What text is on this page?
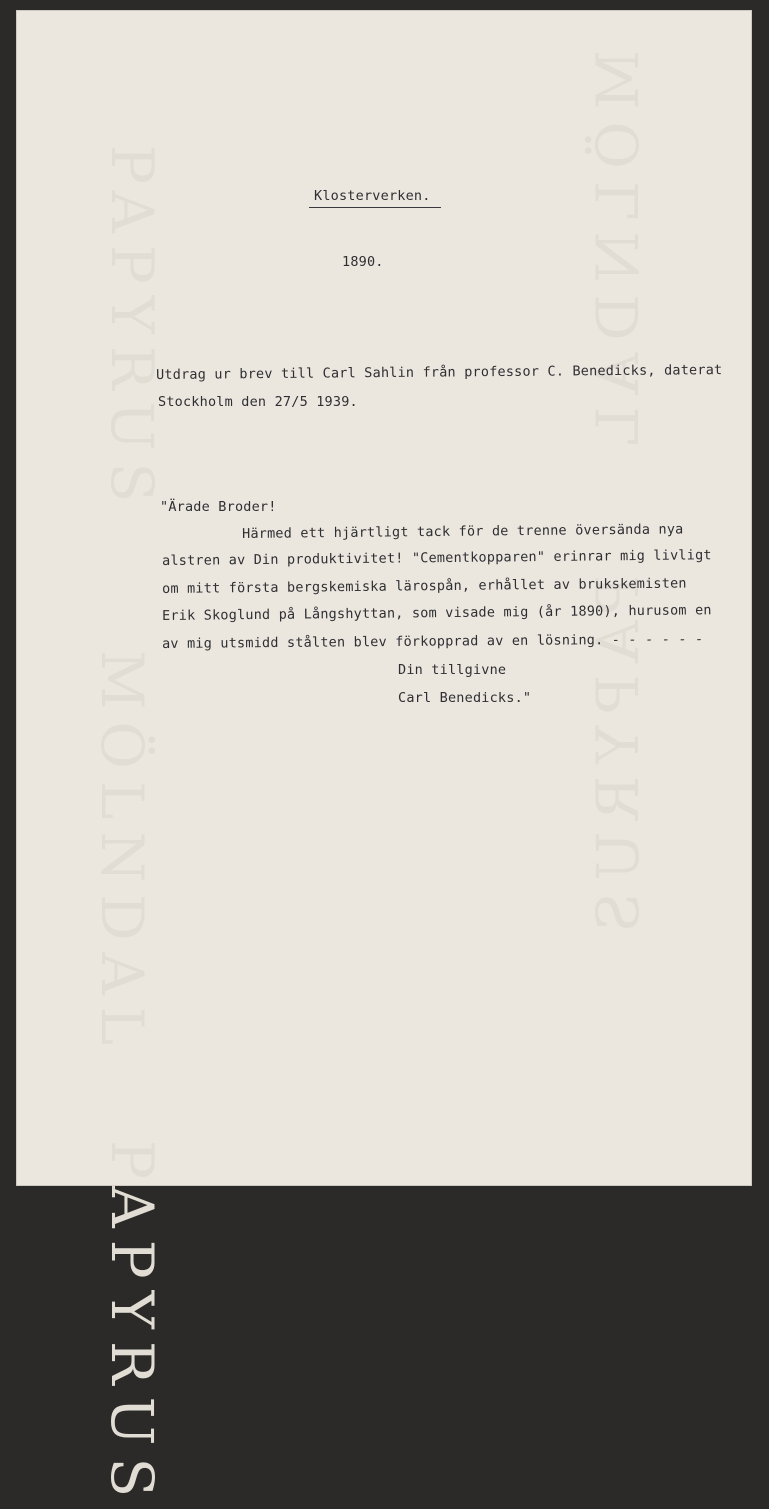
PAPYRUS
MÖLNDAL
MÖLNDAL
PAPYRUS
PAPYRUS
Klosterverken.
1890.
Utdrag ur brev till Carl Sahlin från professor C. Benedicks, daterat
Stockholm den 27/5 1939.
"Ärade Broder!
Härmed ett hjärtligt tack för de trenne översända nya
alstren av Din produktivitet! "Cementkopparen" erinrar mig livligt
om mitt första bergskemiska lärospån, erhållet av brukskemisten
Erik Skoglund på Långshyttan, som visade mig (år 1890), hurusom en
av mig utsmidd stålten blev förkopprad av en lösning. - - - - - -
Din tillgivne
Carl Benedicks."
